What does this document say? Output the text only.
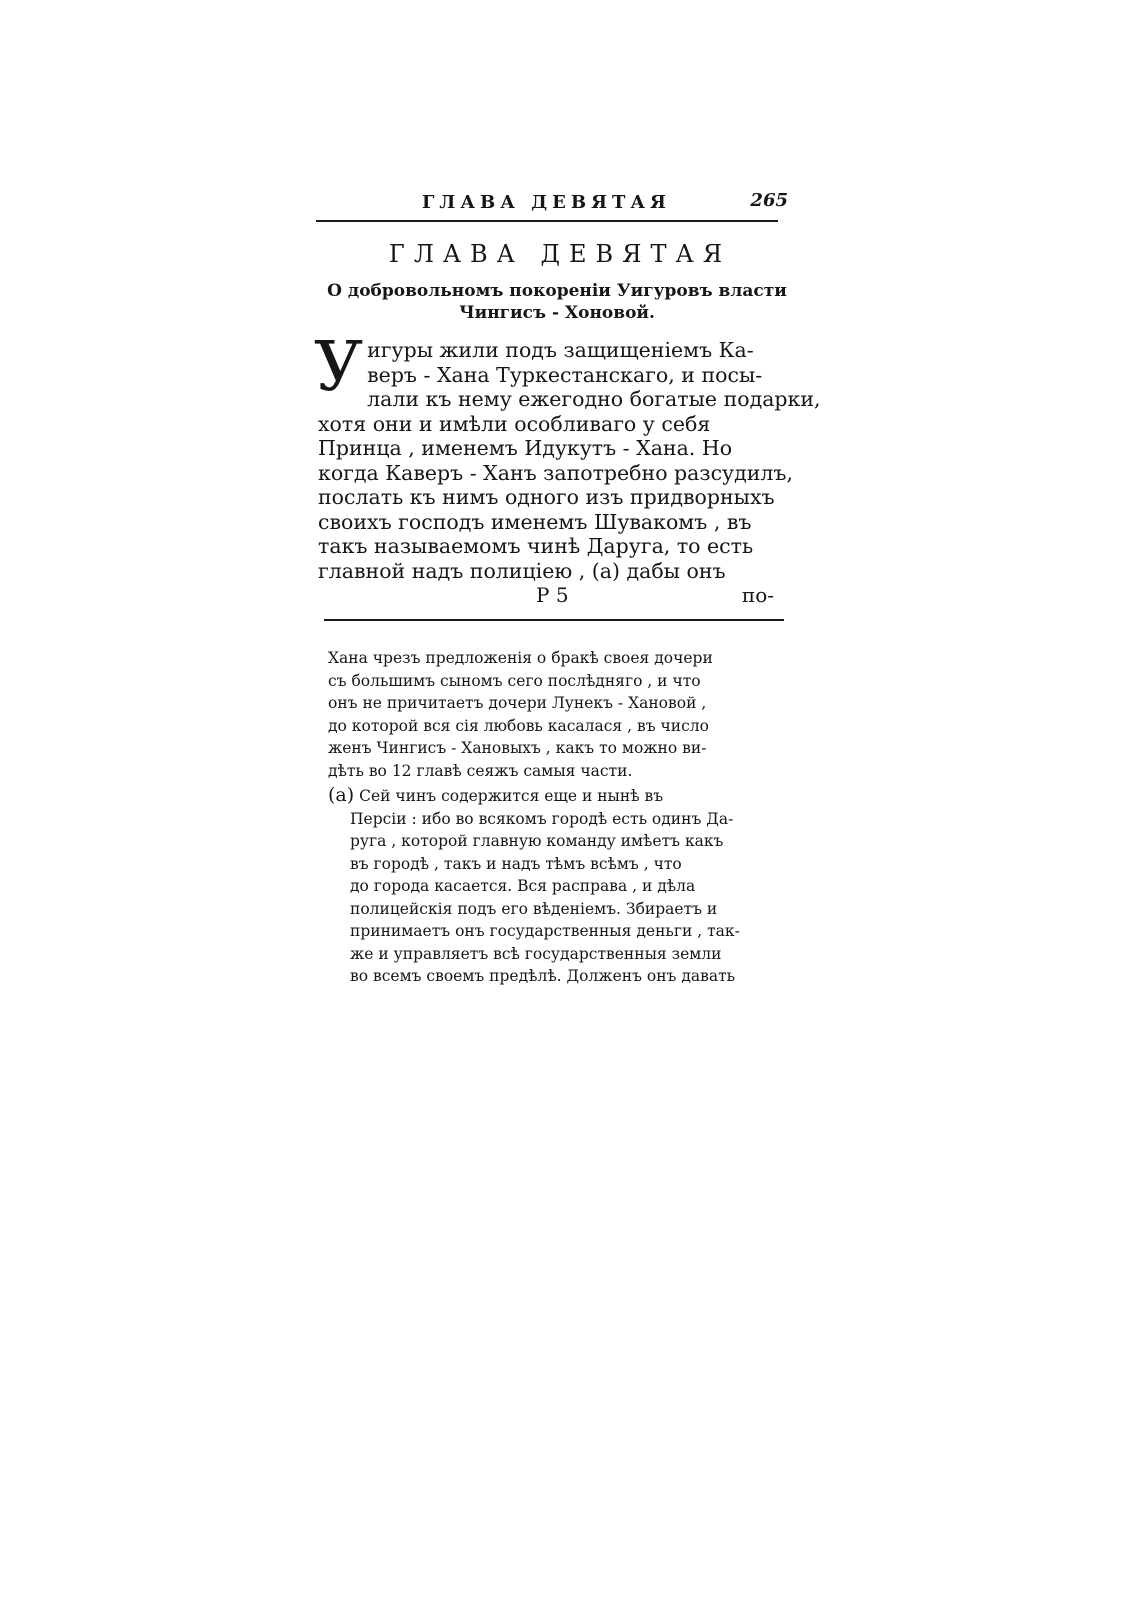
ГЛАВА ДЕВЯТАЯ	265
ГЛАВА ДЕВЯТАЯ
О добровольномъ покореніи Уигуровъ власти
Чингисъ - Хоновой.
У игуры жили подъ защищеніемъ Ка-
веръ - Хана Туркестанскаго, и посы-
лали къ нему ежегодно богатые подарки,
хотя они и имѣли особливаго у себя
Принца , именемъ Идукутъ - Хана. Но
когда Каверъ - Ханъ запотребно разсудилъ,
послать къ нимъ одного изъ придворныхъ
своихъ господъ именемъ Шувакомъ , въ
такъ называемомъ чинѣ Даруга, то есть
главной надъ полиціею , (a) дабы онъ
P 5	по-
Хана чрезъ предложенія о бракѣ своея дочери
съ большимъ сыномъ сего послѣдняго , и что
онъ не причитаетъ дочери Лунекъ - Хановой ,
до которой вся сія любовь касалася , въ число
женъ Чингисъ - Хановыхъ , какъ то можно ви-
дѣть во 12 главѣ сеяжъ самыя части.
(a) Сей чинъ содержится еще и нынѣ въ
Персіи : ибо во всякомъ городѣ есть одинъ Да-
руга , которой главную команду имѣетъ какъ
въ городѣ , такъ и надъ тѣмъ всѣмъ , что
до города касается. Вся расправа , и дѣла
полицейскія подъ его вѣденіемъ. Збираетъ и
принимаетъ онъ государственныя деньги , так-
же и управляетъ всѣ государственныя земли
во всемъ своемъ предѣлѣ. Долженъ онъ давать
